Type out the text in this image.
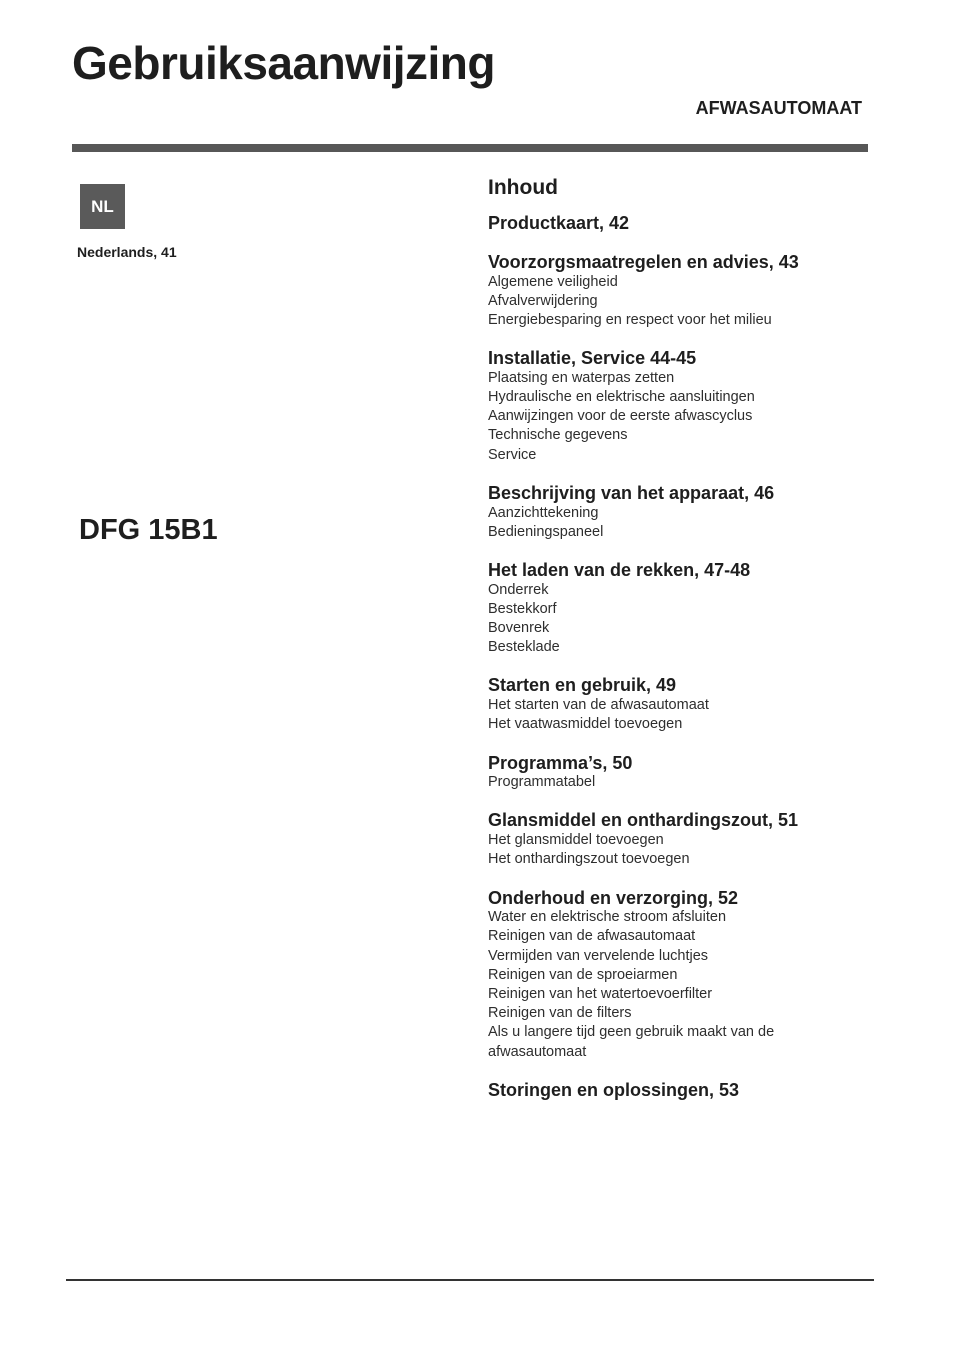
Gebruiksaanwijzing
AFWASAUTOMAAT
NL
Nederlands, 41
DFG 15B1
Inhoud
Productkaart, 42
Voorzorgsmaatregelen en advies, 43
Algemene veiligheid
Afvalverwijdering
Energiebesparing en respect voor het milieu
Installatie, Service 44-45
Plaatsing en waterpas zetten
Hydraulische en elektrische aansluitingen
Aanwijzingen voor de eerste afwascyclus
Technische gegevens
Service
Beschrijving van het apparaat, 46
Aanzichttekening
Bedieningspaneel
Het laden van de rekken, 47-48
Onderrek
Bestekkorf
Bovenrek
Besteklade
Starten en gebruik, 49
Het starten van de afwasautomaat
Het vaatwasmiddel toevoegen
Programma’s, 50
Programmatabel
Glansmiddel en onthardingszout, 51
Het glansmiddel toevoegen
Het onthardingszout toevoegen
Onderhoud en verzorging, 52
Water en elektrische stroom afsluiten
Reinigen van de afwasautomaat
Vermijden van vervelende luchtjes
Reinigen van de sproeiarmen
Reinigen van het watertoevoerfilter
Reinigen van de filters
Als u langere tijd geen gebruik maakt van de
afwasautomaat
Storingen en oplossingen, 53
